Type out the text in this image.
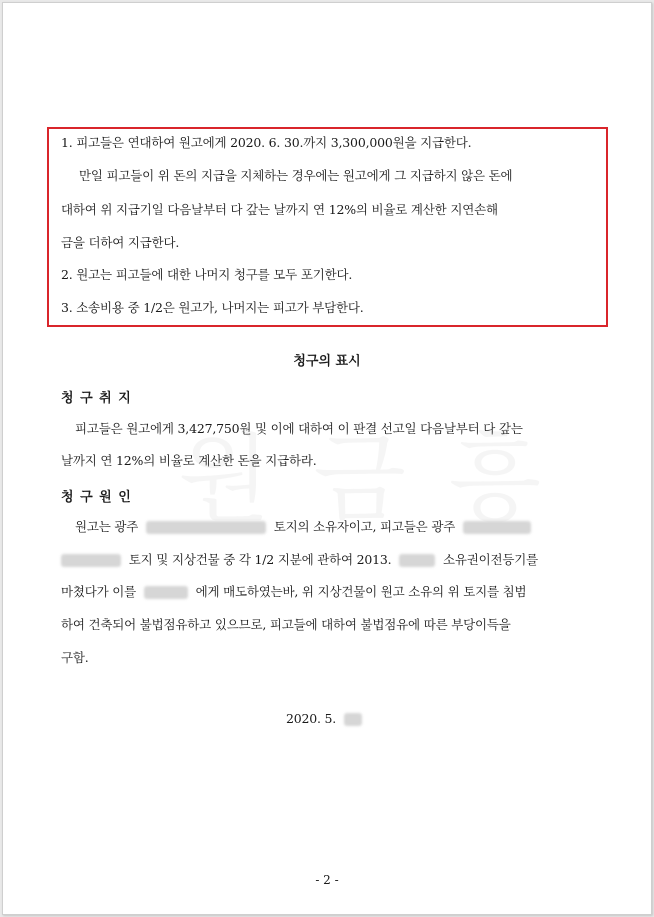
1. 피고들은 연대하여 원고에게 2020. 6. 30.까지 3,300,000원을 지급한다.
만일 피고들이 위 돈의 지급을 지체하는 경우에는 원고에게 그 지급하지 않은 돈에
대하여 위 지급기일 다음날부터 다 갚는 날까지 연 12%의 비율로 계산한 지연손해
금을 더하여 지급한다.
2. 원고는 피고들에 대한 나머지 청구를 모두 포기한다.
3. 소송비용 중 1/2은 원고가, 나머지는 피고가 부담한다.
청구의 표시
청 구 취 지
피고들은 원고에게 3,427,750원 및 이에 대하여 이 판결 선고일 다음날부터 다 갚는
날까지 연 12%의 비율로 계산한 돈을 지급하라.
청 구 원 인
원고는 광주	토지의 소유자이고, 피고들은 광주
토지 및 지상건물 중 각 1/2 지분에 관하여 2013.	소유권이전등기를
마쳤다가 이를	에게 매도하였는바, 위 지상건물이 원고 소유의 위 토지를 침범
하여 건축되어 불법점유하고 있으므로, 피고들에 대하여 불법점유에 따른 부당이득을
구함.
2020. 5.
- 2 -
